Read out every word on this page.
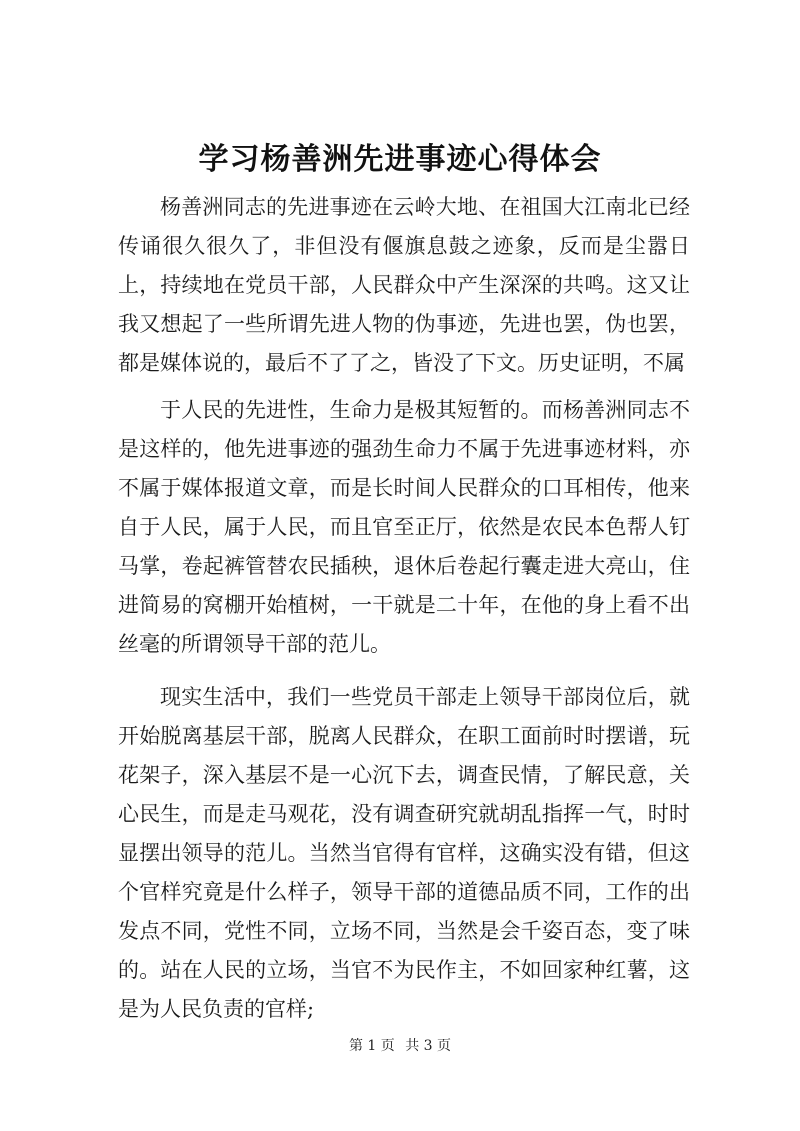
学习杨善洲先进事迹心得体会

杨善洲同志的先进事迹在云岭大地、在祖国大江南北已经传诵很久很久了，非但没有偃旗息鼓之迹象，反而是尘嚣日上，持续地在党员干部，人民群众中产生深深的共鸣。这又让我又想起了一些所谓先进人物的伪事迹，先进也罢，伪也罢，都是媒体说的，最后不了了之，皆没了下文。历史证明，不属

于人民的先进性，生命力是极其短暂的。而杨善洲同志不是这样的，他先进事迹的强劲生命力不属于先进事迹材料，亦不属于媒体报道文章，而是长时间人民群众的口耳相传，他来自于人民，属于人民，而且官至正厅，依然是农民本色帮人钉马掌，卷起裤管替农民插秧，退休后卷起行囊走进大亮山，住进简易的窝棚开始植树，一干就是二十年，在他的身上看不出丝毫的所谓领导干部的范儿。

现实生活中，我们一些党员干部走上领导干部岗位后，就开始脱离基层干部，脱离人民群众，在职工面前时时摆谱，玩花架子，深入基层不是一心沉下去，调查民情，了解民意，关心民生，而是走马观花，没有调查研究就胡乱指挥一气，时时显摆出领导的范儿。当然当官得有官样，这确实没有错，但这个官样究竟是什么样子，领导干部的道德品质不同，工作的出发点不同，党性不同，立场不同，当然是会千姿百态，变了味的。站在人民的立场，当官不为民作主，不如回家种红薯，这是为人民负责的官样;

第 1 页 共 3 页
